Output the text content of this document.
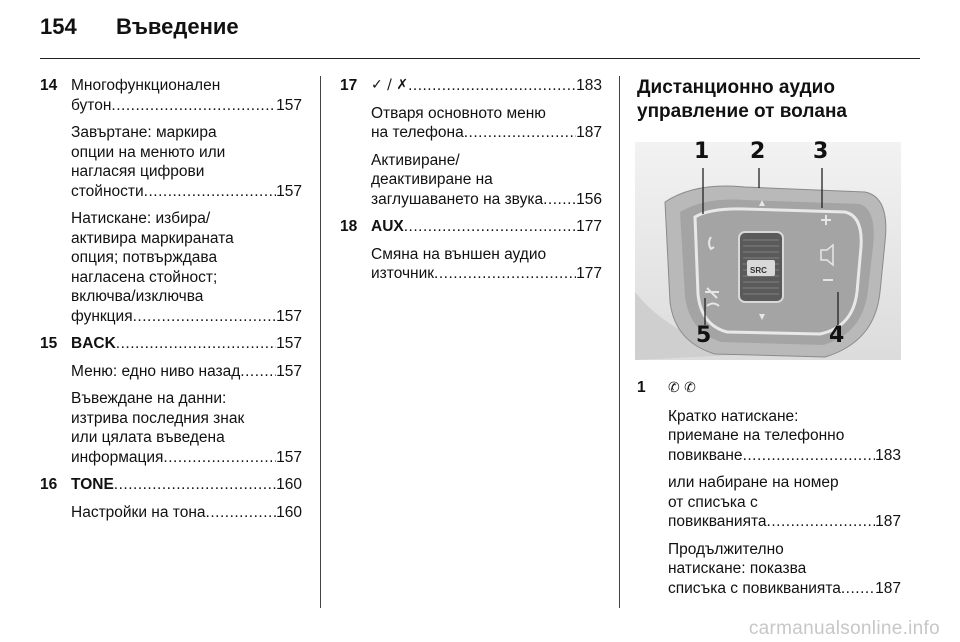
154 Въведение
14 Многофункционален
бутон .....	157
Завъртане: маркира
опции на менюто или
нагласяя цифрови
стойности .....	157
Натискане: избира/
активира маркираната
опция; потвърждава
нагласена стойност;
включва/изключва
функция .....	157
15 BACK .....	157
Меню: едно ниво назад ..... 157
Въвеждане на данни:
изтрива последния знак
или цялата въведена
информация .....	157
16 TONE .....	160
Настройки на тона .....	160
17 ✓ / ✗ .....	183
Отваря основното меню
на телефона .....	187
Активиране/
деактивиране на
заглушаването на звука ..... 156
18 AUX .....	177
Смяна на външен аудио
източник .....	177
Дистанционно аудио
управление от волана
1 2 3
4
5
SRC
1 ✆ ✆
Кратко натискане:
приемане на телефонно
повикване .....	183
или набиране на номер
от списъка с
повикванията .....	187
Продължително
натискане: показва
списъка с повикванията ..... 187
carmanualsonline.info
